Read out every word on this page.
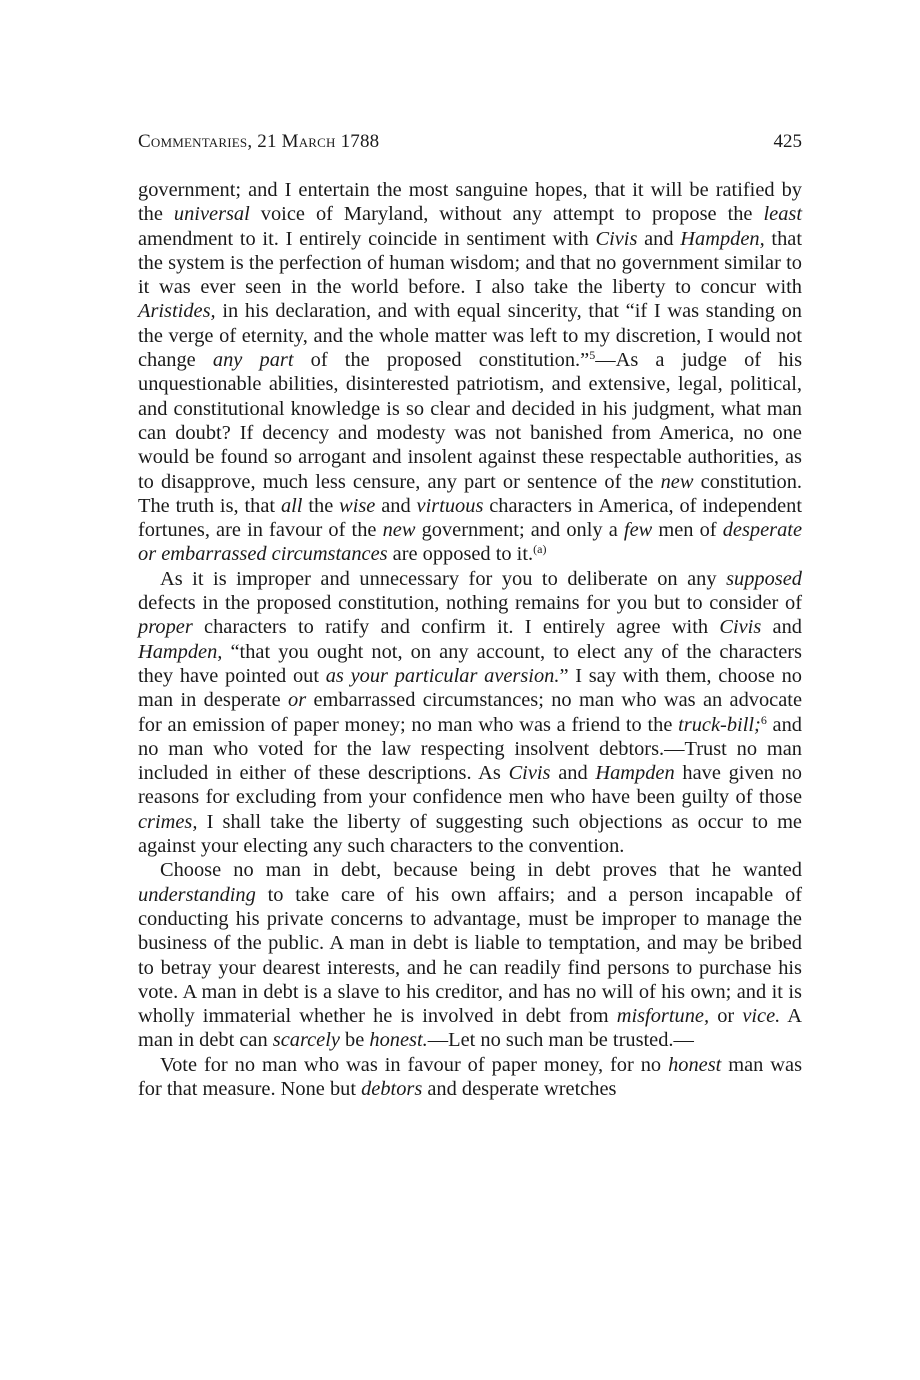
Commentaries, 21 March 1788	425

government; and I entertain the most sanguine hopes, that it will be ratified by the universal voice of Maryland, without any attempt to propose the least amendment to it. I entirely coincide in sentiment with Civis and Hampden, that the system is the perfection of human wisdom; and that no government similar to it was ever seen in the world before. I also take the liberty to concur with Aristides, in his declaration, and with equal sincerity, that “if I was standing on the verge of eternity, and the whole matter was left to my discretion, I would not change any part of the proposed constitution.”$^5$—As a judge of his unquestionable abilities, disinterested patriotism, and extensive, legal, political, and constitutional knowledge is so clear and decided in his judgment, what man can doubt? If decency and modesty was not banished from America, no one would be found so arrogant and insolent against these respectable authorities, as to disapprove, much less censure, any part or sentence of the new constitution. The truth is, that all the wise and virtuous characters in America, of independent fortunes, are in favour of the new government; and only a few men of desperate or embarrassed circumstances are opposed to it.$^{(a)}$

As it is improper and unnecessary for you to deliberate on any supposed defects in the proposed constitution, nothing remains for you but to consider of proper characters to ratify and confirm it. I entirely agree with Civis and Hampden, “that you ought not, on any account, to elect any of the characters they have pointed out as your particular aversion.” I say with them, choose no man in desperate or embarrassed circumstances; no man who was an advocate for an emission of paper money; no man who was a friend to the truck-bill;$^6$ and no man who voted for the law respecting insolvent debtors.—Trust no man included in either of these descriptions. As Civis and Hampden have given no reasons for excluding from your confidence men who have been guilty of those crimes, I shall take the liberty of suggesting such objections as occur to me against your electing any such characters to the convention.

Choose no man in debt, because being in debt proves that he wanted understanding to take care of his own affairs; and a person incapable of conducting his private concerns to advantage, must be improper to manage the business of the public. A man in debt is liable to temptation, and may be bribed to betray your dearest interests, and he can readily find persons to purchase his vote. A man in debt is a slave to his creditor, and has no will of his own; and it is wholly immaterial whether he is involved in debt from misfortune, or vice. A man in debt can scarcely be honest.—Let no such man be trusted.—

Vote for no man who was in favour of paper money, for no honest man was for that measure. None but debtors and desperate wretches
